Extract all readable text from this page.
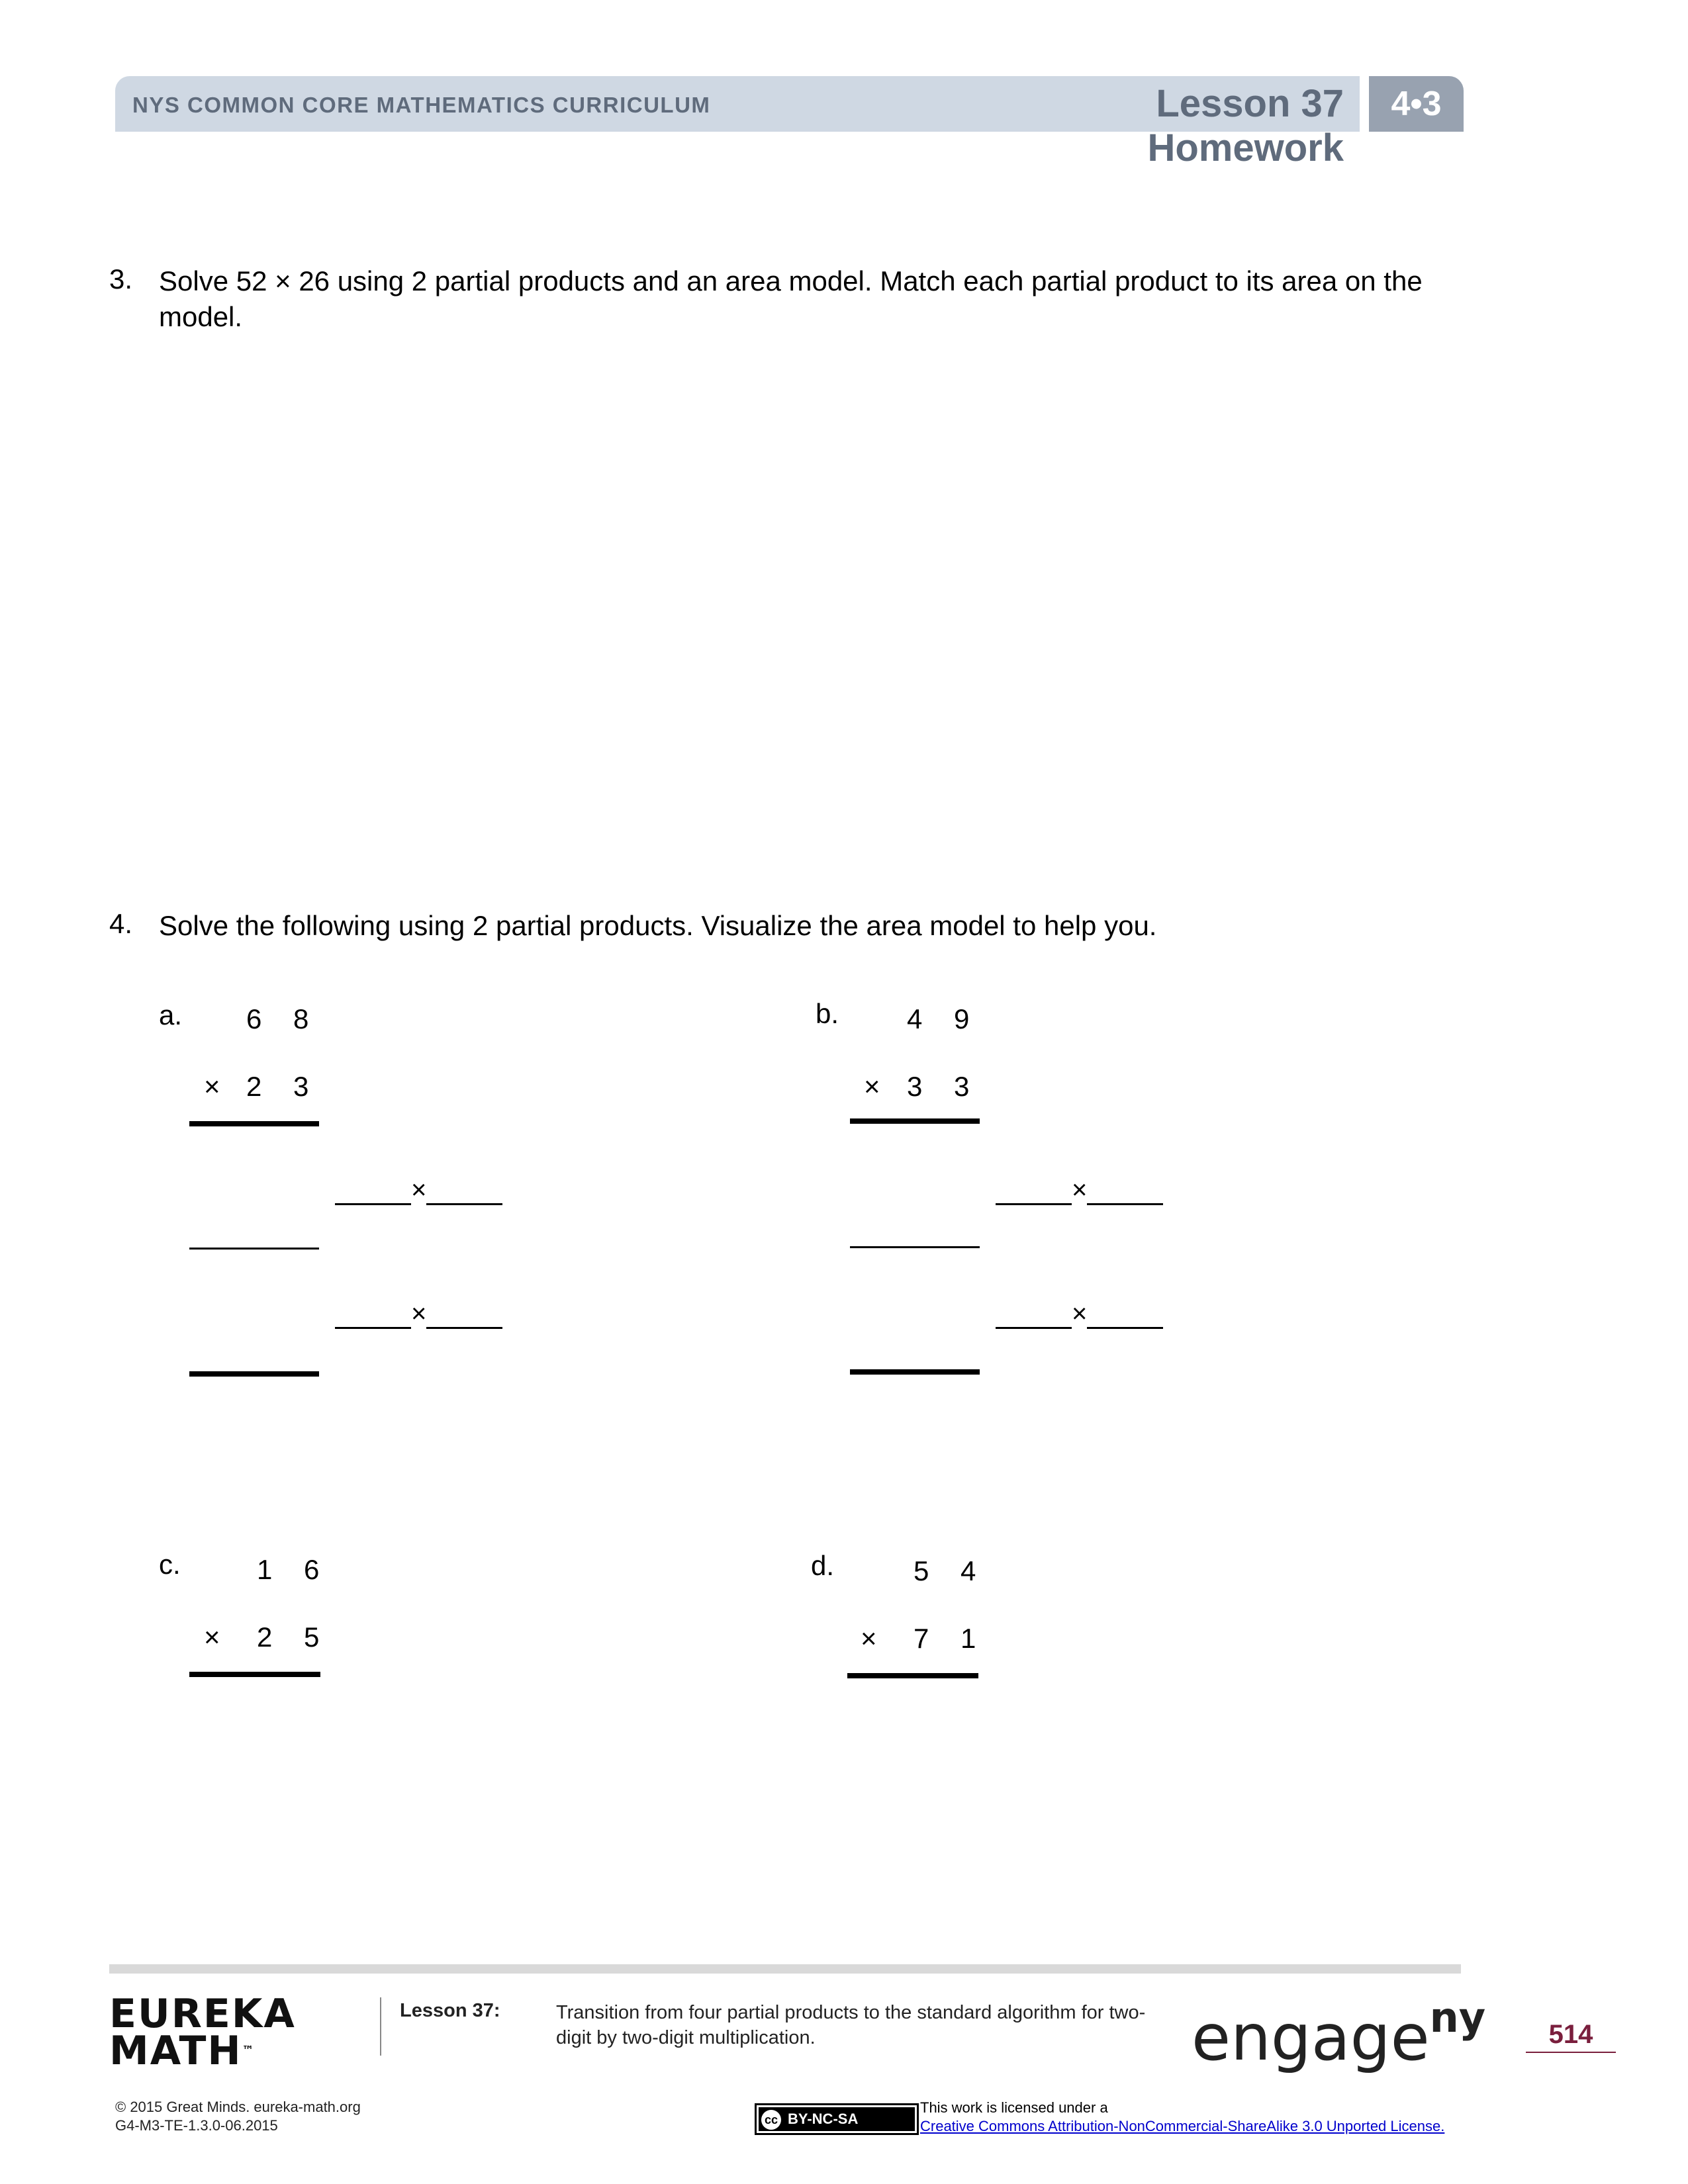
NYS COMMON CORE MATHEMATICS CURRICULUM	Lesson 37 Homework
4•3
3. Solve 52 × 26 using 2 partial products and an area model. Match each partial product to its area on the model.
4. Solve the following using 2 partial products. Visualize the area model to help you.
a. 6 8
× 2 3
×
×
b. 4 9
× 3 3
×
×
c.	1 6
× 2 5
d.	5 4
× 7 1
EUREKA
MATH™
Lesson 37:	Transition from four partial products to the standard algorithm for two-digit by two-digit multiplication.	engage$^{ny}$	514
© 2015 Great Minds. eureka-math.org
G4-M3-TE-1.3.0-06.2015	cc BY-NC-SA
This work is licensed under a
Creative Commons Attribution-NonCommercial-ShareAlike 3.0 Unported License.
